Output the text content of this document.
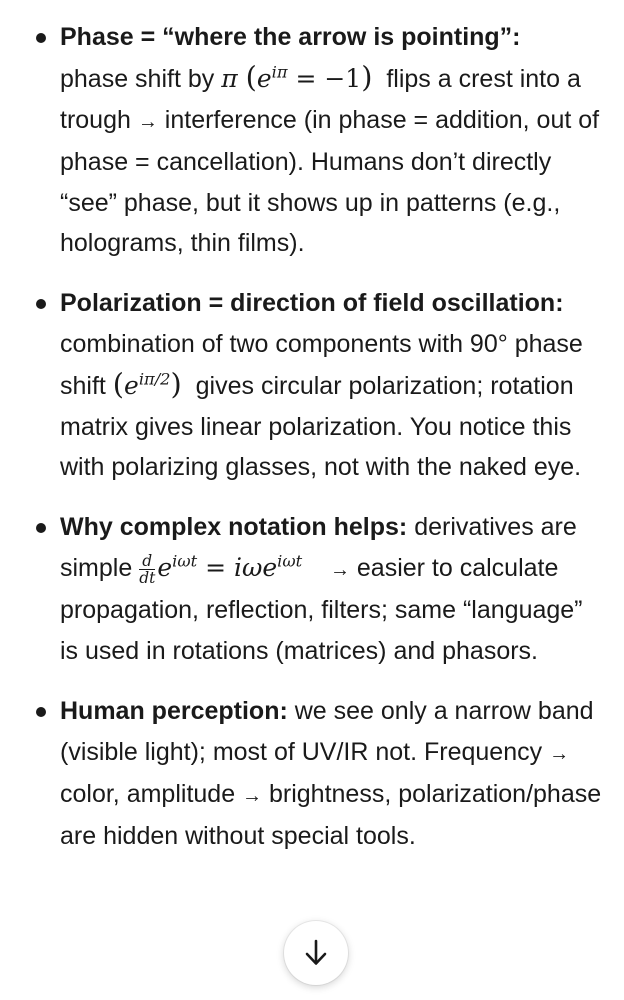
Phase = “where the arrow is pointing”:
phase shift by π $(e^{i\pi} = -1)$ flips a crest into a trough → interference (in phase = addition, out of phase = cancellation). Humans don’t directly “see” phase, but it shows up in patterns (e.g., holograms, thin films).
Polarization = direction of field oscillation: combination of two components with 90° phase shift $(e^{i\pi/2})$ gives circular polarization; rotation matrix gives linear polarization. You notice this with polarizing glasses, not with the naked eye.
Why complex notation helps: derivatives are simple $\frac{d}{dt} e^{i\omega t} = i\omega e^{i\omega t}$ → easier to calculate propagation, reflection, filters; same “language” is used in rotations (matrices) and phasors.
Human perception: we see only a narrow band (visible light); most of UV/IR not. Frequency → color, amplitude → brightness, polarization/phase are hidden without special tools.
